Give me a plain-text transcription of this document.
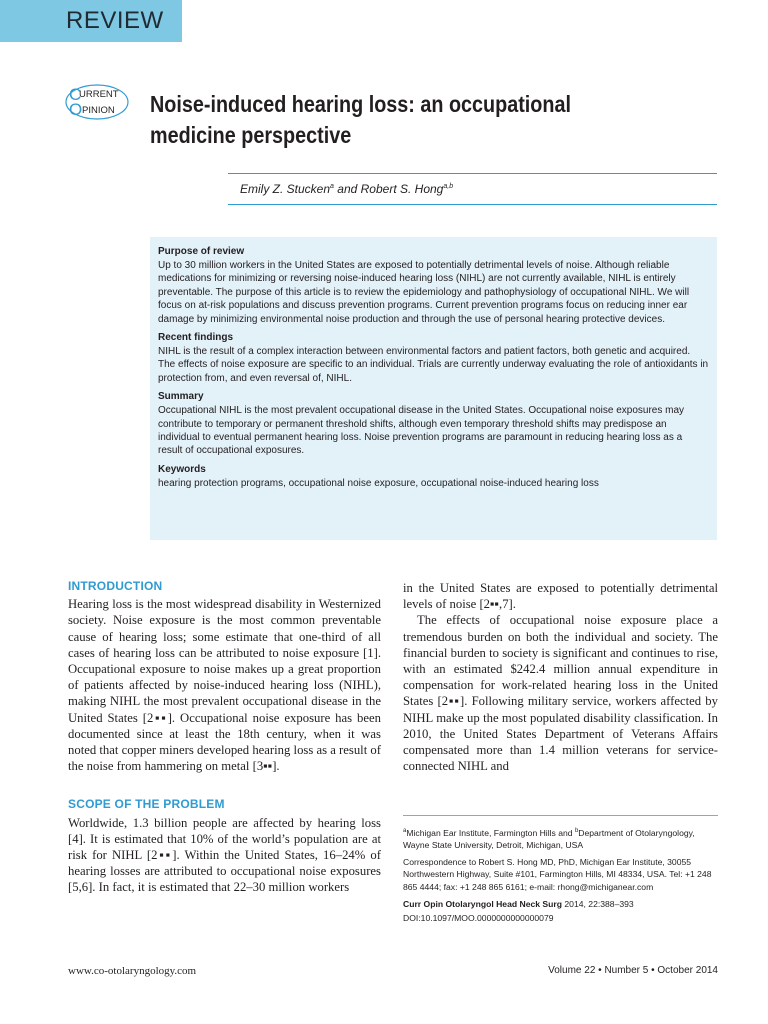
REVIEW
C
URRENT
O PINION Noise-induced hearing loss: an occupational medicine perspective
Emily Z. Stucken$^a$ and Robert S. Hong$^{a,b}$
Purpose of review

Up to 30 million workers in the United States are exposed to potentially detrimental levels of noise. Although reliable medications for minimizing or reversing noise-induced hearing loss (NIHL) are not currently available, NIHL is entirely preventable. The purpose of this article is to review the epidemiology and pathophysiology of occupational NIHL. We will focus on at-risk populations and discuss prevention programs. Current prevention programs focus on reducing inner ear damage by minimizing environmental noise production and through the use of personal hearing protective devices.

Recent findings

NIHL is the result of a complex interaction between environmental factors and patient factors, both genetic and acquired. The effects of noise exposure are specific to an individual. Trials are currently underway evaluating the role of antioxidants in protection from, and even reversal of, NIHL.

Summary

Occupational NIHL is the most prevalent occupational disease in the United States. Occupational noise exposures may contribute to temporary or permanent threshold shifts, although even temporary threshold shifts may predispose an individual to eventual permanent hearing loss. Noise prevention programs are paramount in reducing hearing loss as a result of occupational exposures.

Keywords

hearing protection programs, occupational noise exposure, occupational noise-induced hearing loss

INTRODUCTION

Hearing loss is the most widespread disability in Westernized society. Noise exposure is the most common preventable cause of hearing loss; some estimate that one-third of all cases of hearing loss can be attributed to noise exposure [1]. Occupational exposure to noise makes up a great proportion of patients affected by noise-induced hearing loss (NIHL), making NIHL the most prevalent occupational disease in the United States [2▪▪]. Occupational noise exposure has been documented since at least the 18th century, when it was noted that copper miners developed hearing loss as a result of the noise from hammering on metal [3▪▪].

SCOPE OF THE PROBLEM

Worldwide, 1.3 billion people are affected by hearing loss [4]. It is estimated that 10% of the world’s population are at risk for NIHL [2▪▪]. Within the United States, 16–24% of hearing losses are attributed to occupational noise exposures [5,6]. In fact, it is estimated that 22–30 million workers

in the United States are exposed to potentially detrimental levels of noise [2▪▪,7].

The effects of occupational noise exposure place a tremendous burden on both the individual and society. The financial burden to society is significant and continues to rise, with an estimated $242.4 million annual expenditure in compensation for work-related hearing loss in the United States [2▪▪]. Following military service, workers affected by NIHL make up the most populated disability classification. In 2010, the United States Department of Veterans Affairs compensated more than 1.4 million veterans for service-connected NIHL and

$^a$Michigan Ear Institute, Farmington Hills and $^b$Department of Otolaryngology, Wayne State University, Detroit, Michigan, USA

Correspondence to Robert S. Hong MD, PhD, Michigan Ear Institute, 30055 Northwestern Highway, Suite #101, Farmington Hills, MI 48334, USA. Tel: +1 248 865 4444; fax: +1 248 865 6161; e-mail: rhong@michiganear.com

Curr Opin Otolaryngol Head Neck Surg 2014, 22:388–393

DOI:10.1097/MOO.0000000000000079

www.co-otolaryngology.com	Volume 22 • Number 5 • October 2014
